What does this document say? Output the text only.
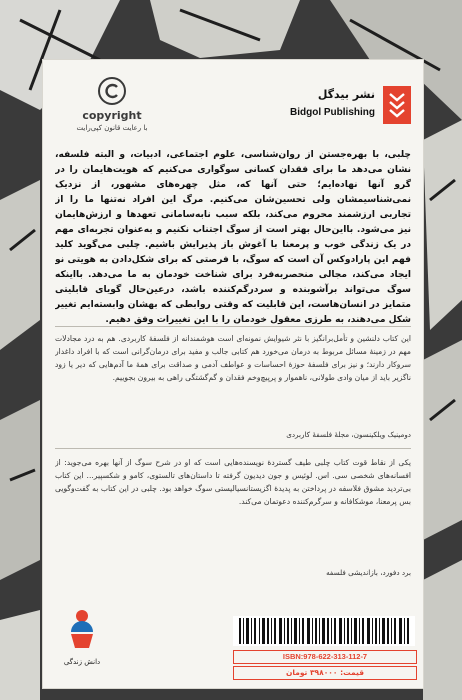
copyright
با رعایت قانون کپی‌رایت
نشر بیدگل
Bidgol Publishing
چلبی، با بهره‌جستن از روان‌شناسی، علوم اجتماعی، ادبیات، و البته فلسفه، نشان می‌دهد ما برای فقدان کسانی سوگواری می‌کنیم که هویت‌هایمان را در گرو آنها نهاده‌ایم؛ حتی آنها که، مثل چهره‌های مشهور، از نزدیک نمی‌شناسیمشان ولی تحسین‌شان می‌کنیم. مرگ این افراد نه‌تنها ما را از تجاربی ارزشمند محروم می‌کند، بلکه سبب نابه‌سامانی تعهدها و ارزش‌هایمان نیز می‌شود. بااین‌حال بهتر است از سوگ اجتناب نکنیم و به‌عنوان تجربه‌ای مهم در یک زندگی خوب و پرمعنا با آغوش باز پذیرایش باشیم. چلبی می‌گوید کلید فهم این پارادوکس آن است که سوگ، با فرصتی که برای شکل‌دادن به هویتی نو ایجاد می‌کند، مجالی منحصربه‌فرد برای شناخت خودمان به ما می‌دهد. بااینکه سوگ می‌تواند برآشوبنده و سردرگم‌کننده باشد، درعین‌حال گویای قابلیتی متمایز در انسان‌هاست، این قابلیت که وقتی روابطی که بهشان وابسته‌ایم تغییر شکل می‌دهند، به طرزی معقول خودمان را با این تغییرات وفق دهیم.
این کتاب دلنشین و تأمل‌برانگیز با نثر شیوایش نمونه‌ای است هوشمندانه از فلسفهٔ کاربردی. هم به درد مجادلات مهم در زمینهٔ مسائل مربوط به درمان می‌خورد هم کتابی جالب و مفید برای درمان‌گرانی است که با افراد داغدار سروکار دارند؛ و نیز برای فلسفهٔ حوزهٔ احساسات و عواطف آدمی و صداقت برای همهٔ ما آدم‌هایی که دیر یا زود ناگزیر باید از میان وادی طولانی، ناهموار و پرپیچ‌وخم فقدان و گم‌گشتگی راهی به بیرون بجوییم.
دومینیک ویلکینسون، مجلهٔ فلسفهٔ کاربردی
یکی از نقاط قوت کتاب چلبی طیف گستردهٔ نویسنده‌هایی است که او در شرح سوگ از آنها بهره می‌جوید: از افسانه‌های شخصی سی. اس. لوئیس و جون دیدیون گرفته تا داستان‌های تالستوی، کامو و شکسپیر... این کتاب بی‌تردید مشوق فلاسفه در پرداختن به پدیدهٔ اگزیستانسیالیستی سوگ خواهد بود. چلبی در این کتاب به گفت‌وگویی بس پرمعنا، موشکافانه و سرگرم‌کننده دعوتمان می‌کند.
برد دفورد، بازاندیشی فلسفه
دانش زندگی
ISBN:978-622-313-112-7
قیمت: ۳۹۸۰۰۰ تومان
